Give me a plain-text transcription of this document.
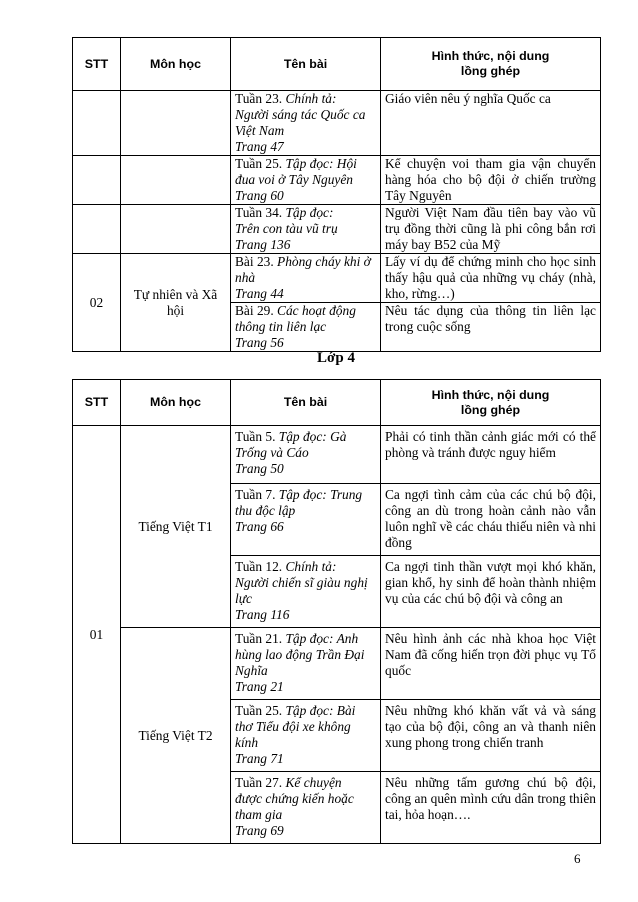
STT	Môn học	Tên bài	Hình thức, nội dung
lồng ghép

		Tuần 23. Chính tả:
Người sáng tác Quốc ca
Việt Nam
Trang 47	Giáo viên nêu ý nghĩa Quốc ca

		Tuần 25. Tập đọc: Hội
đua voi ở Tây Nguyên
Trang 60	Kể chuyện voi tham gia vận chuyển hàng hóa cho bộ đội ở chiến trường Tây Nguyên

		Tuần 34. Tập đọc:
Trên con tàu vũ trụ
Trang 136	Người Việt Nam đầu tiên bay vào vũ trụ đồng thời cũng là phi công bắn rơi máy bay B52 của Mỹ
02	Tự nhiên và Xã hội	Bài 23. Phòng cháy khi ở
nhà
Trang 44	Lấy ví dụ để chứng minh cho học sinh thấy hậu quả của những vụ cháy (nhà, kho, rừng…)

		Bài 29. Các hoạt động
thông tin liên lạc
Trang 56	Nêu tác dụng của thông tin liên lạc trong cuộc sống
Lớp 4
STT	Môn học	Tên bài	Hình thức, nội dung
lồng ghép
01	Tiếng Việt T1	Tuần 5. Tập đọc: Gà
Trống và Cáo
Trang 50	Phải có tinh thần cảnh giác mới có thể phòng và tránh được nguy hiểm

		Tuần 7. Tập đọc: Trung
thu độc lập
Trang 66	Ca ngợi tình cảm của các chú bộ đội, công an dù trong hoàn cảnh nào vẫn luôn nghĩ về các cháu thiếu niên và nhi đồng

		Tuần 12. Chính tả:
Người chiến sĩ giàu nghị
lực
Trang 116	Ca ngợi tinh thần vượt mọi khó khăn, gian khổ, hy sinh để hoàn thành nhiệm vụ của các chú bộ đội và công an
	Tiếng Việt T2	Tuần 21. Tập đọc: Anh
hùng lao động Trần Đại
Nghĩa
Trang 21	Nêu hình ảnh các nhà khoa học Việt Nam đã cống hiến trọn đời phục vụ Tổ quốc

		Tuần 25. Tập đọc: Bài
thơ Tiểu đội xe không
kính
Trang 71	Nêu những khó khăn vất vả và sáng tạo của bộ đội, công an và thanh niên xung phong trong chiến tranh

		Tuần 27. Kể chuyện
được chứng kiến hoặc
tham gia
Trang 69	Nêu những tấm gương chú bộ đội, công an quên mình cứu dân trong thiên tai, hỏa hoạn….
6
